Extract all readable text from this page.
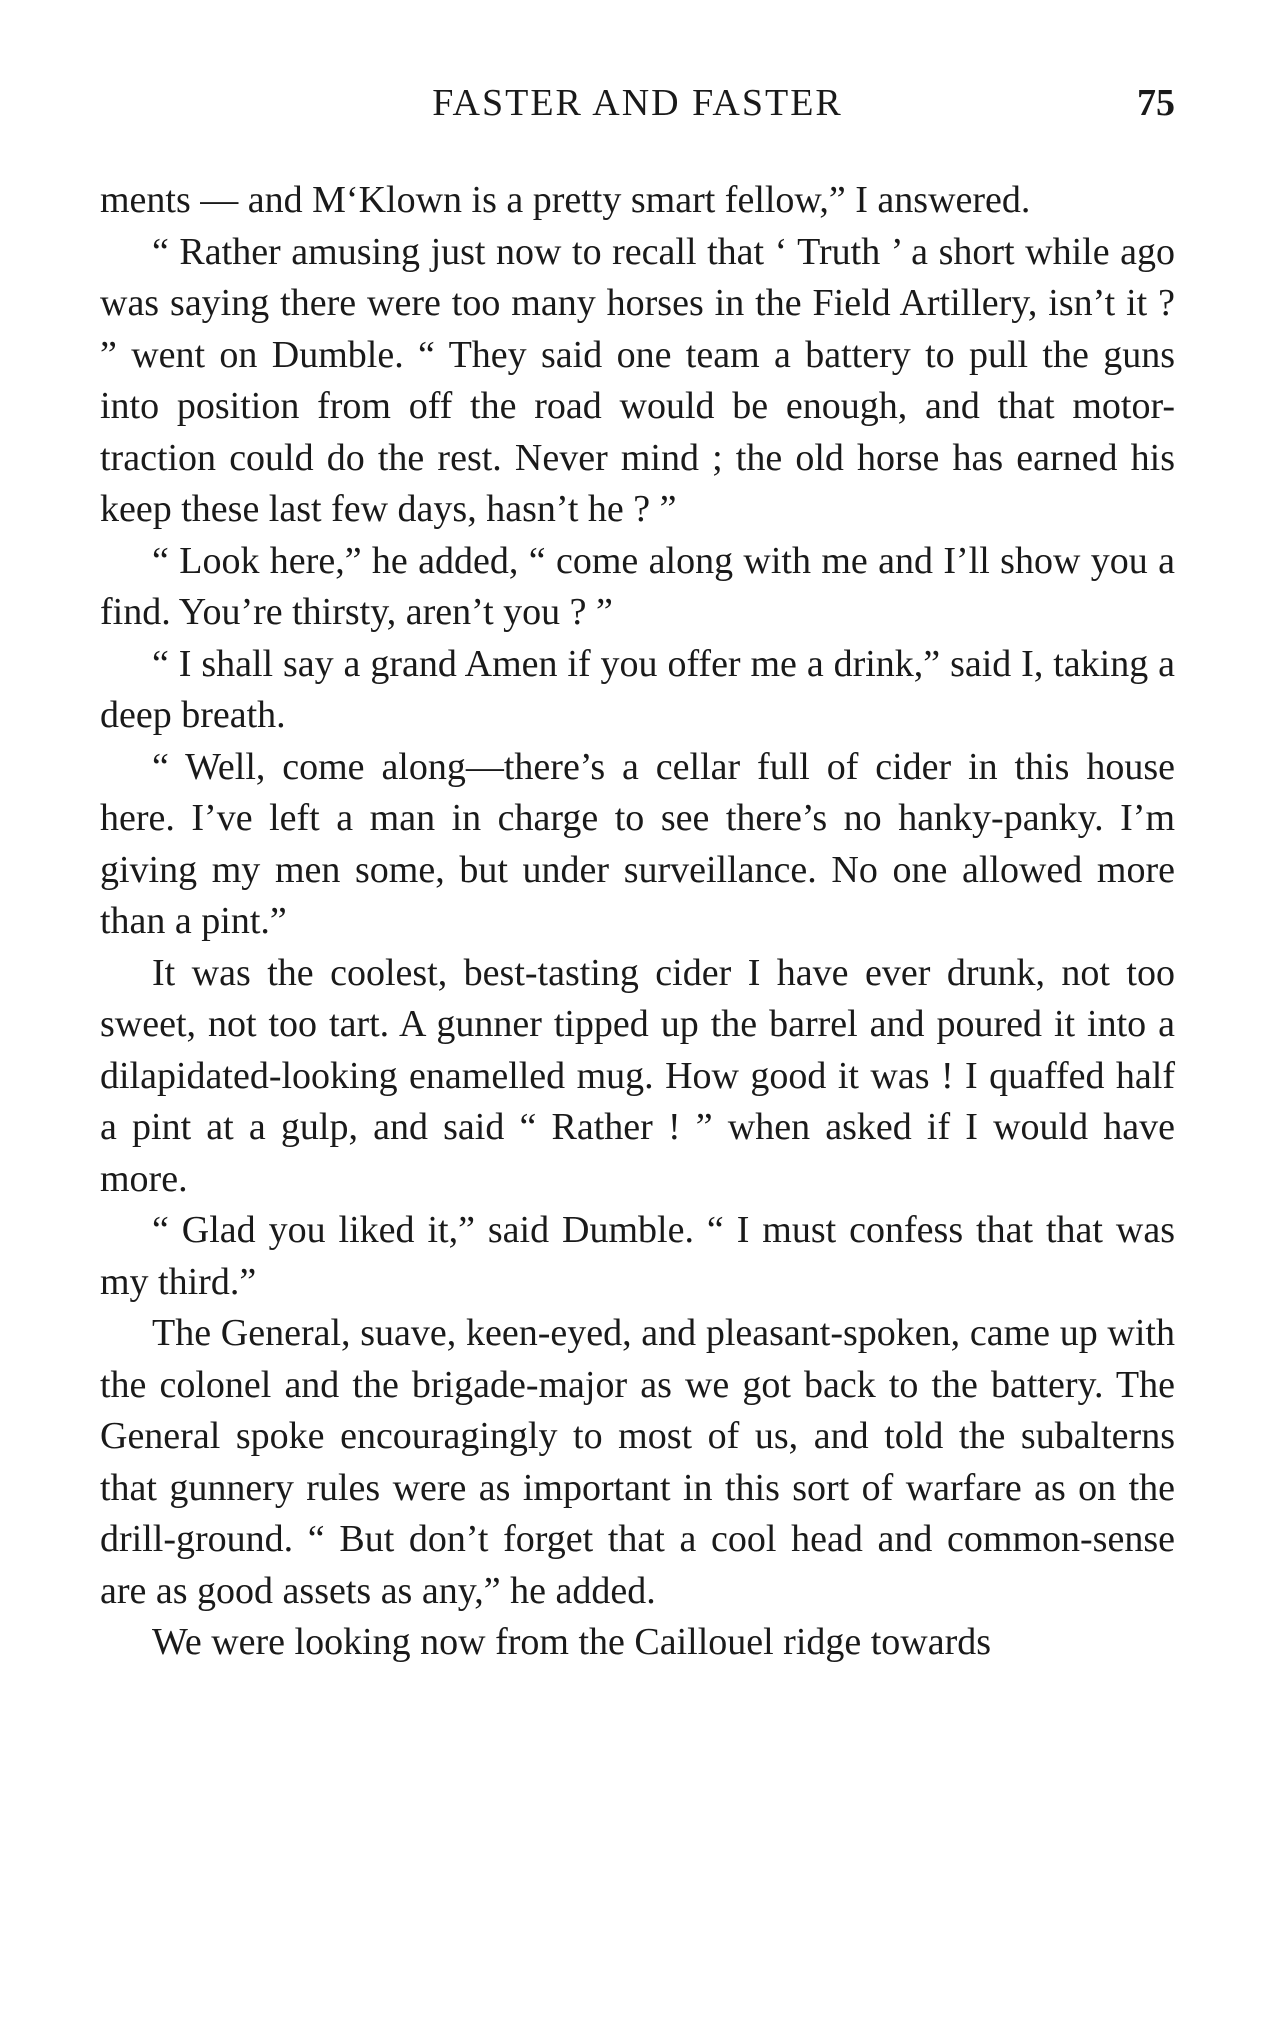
FASTER AND FASTER	75

ments — and M‘Klown is a pretty smart fellow,” I answered.

“ Rather amusing just now to recall that ‘ Truth ’ a short while ago was saying there were too many horses in the Field Artillery, isn’t it ? ” went on Dumble. “ They said one team a battery to pull the guns into position from off the road would be enough, and that motor-traction could do the rest. Never mind ; the old horse has earned his keep these last few days, hasn’t he ? ”

“ Look here,” he added, “ come along with me and I’ll show you a find. You’re thirsty, aren’t you ? ”

“ I shall say a grand Amen if you offer me a drink,” said I, taking a deep breath.

“ Well, come along—there’s a cellar full of cider in this house here. I’ve left a man in charge to see there’s no hanky-panky. I’m giving my men some, but under surveillance. No one allowed more than a pint.”

It was the coolest, best-tasting cider I have ever drunk, not too sweet, not too tart. A gunner tipped up the barrel and poured it into a dilapidated-looking enamelled mug. How good it was ! I quaffed half a pint at a gulp, and said “ Rather ! ” when asked if I would have more.

“ Glad you liked it,” said Dumble. “ I must confess that that was my third.”

The General, suave, keen-eyed, and pleasant-spoken, came up with the colonel and the brigade-major as we got back to the battery. The General spoke encouragingly to most of us, and told the subalterns that gunnery rules were as important in this sort of warfare as on the drill-ground. “ But don’t forget that a cool head and common-sense are as good assets as any,” he added.

We were looking now from the Caillouel ridge towards
